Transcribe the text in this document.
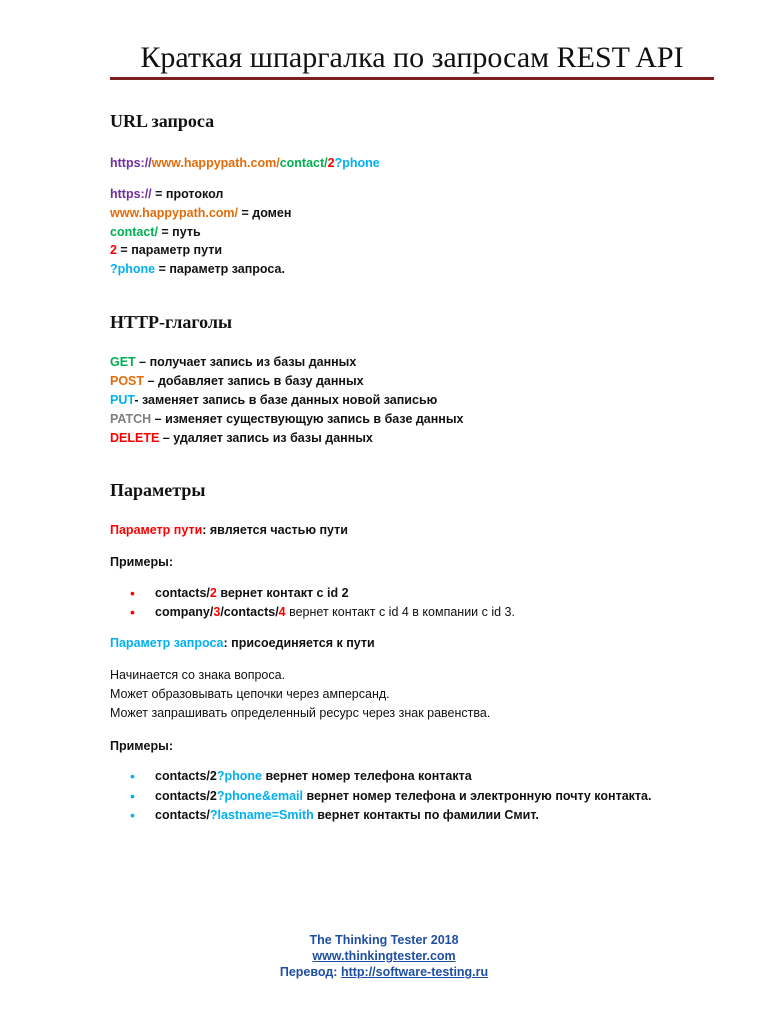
Краткая шпаргалка по запросам REST API
URL запроса
https://www.happypath.com/contact/2?phone
https:// = протокол
www.happypath.com/ = домен
contact/ = путь
2 = параметр пути
?phone = параметр запроса.
HTTP-глаголы
GET – получает запись из базы данных
POST – добавляет запись в базу данных
PUT- заменяет запись в базе данных новой записью
PATCH – изменяет существующую запись в базе данных
DELETE – удаляет запись из базы данных
Параметры
Параметр пути: является частью пути
Примеры:
• contacts/2 вернет контакт с id 2
• company/3/contacts/4 вернет контакт с id 4 в компании с id 3.
Параметр запроса: присоединяется к пути
Начинается со знака вопроса.
Может образовывать цепочки через амперсанд.
Может запрашивать определенный ресурс через знак равенства.
Примеры:
• contacts/2?phone вернет номер телефона контакта
• contacts/2?phone&email вернет номер телефона и электронную почту контакта.
• contacts/?lastname=Smith вернет контакты по фамилии Смит.
The Thinking Tester 2018
www.thinkingtester.com
Перевод: http://software-testing.ru
